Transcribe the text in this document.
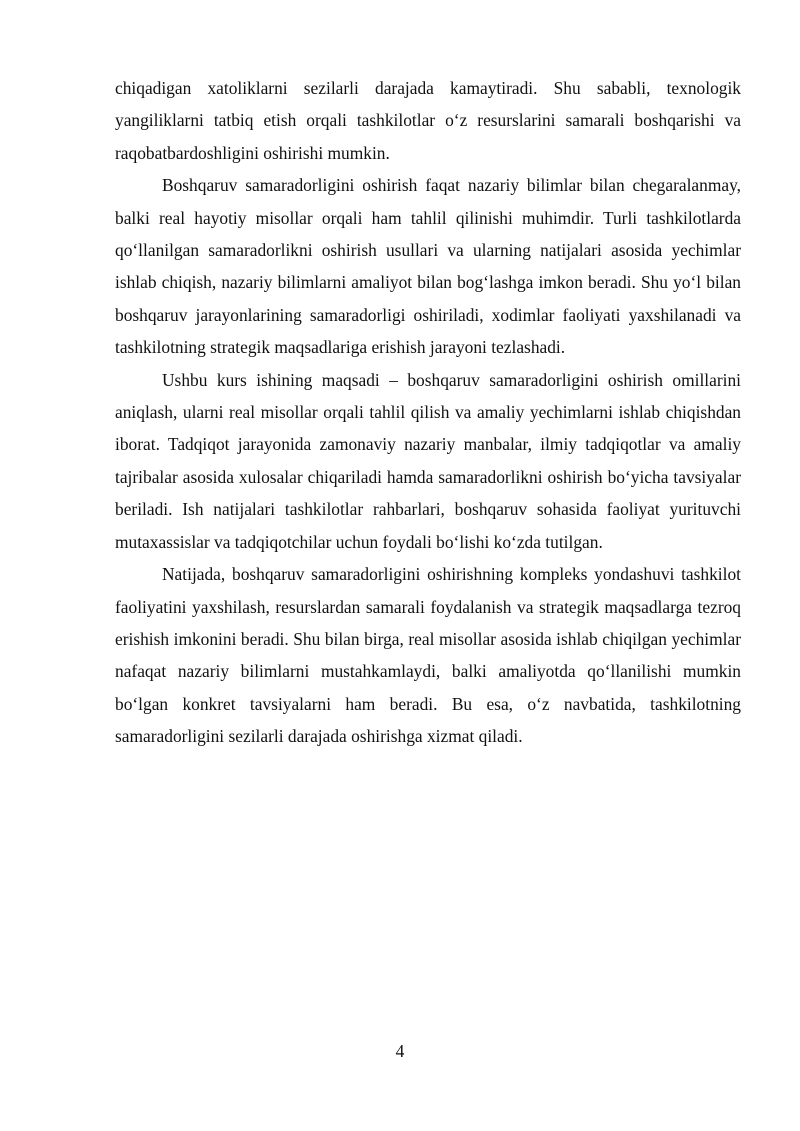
chiqadigan xatoliklarni sezilarli darajada kamaytiradi. Shu sababli, texnologik yangiliklarni tatbiq etish orqali tashkilotlar o‘z resurslarini samarali boshqarishi va raqobatbardoshligini oshirishi mumkin.

Boshqaruv samaradorligini oshirish faqat nazariy bilimlar bilan chegaralanmay, balki real hayotiy misollar orqali ham tahlil qilinishi muhimdir. Turli tashkilotlarda qo‘llanilgan samaradorlikni oshirish usullari va ularning natijalari asosida yechimlar ishlab chiqish, nazariy bilimlarni amaliyot bilan bog‘lashga imkon beradi. Shu yo‘l bilan boshqaruv jarayonlarining samaradorligi oshiriladi, xodimlar faoliyati yaxshilanadi va tashkilotning strategik maqsadlariga erishish jarayoni tezlashadi.

Ushbu kurs ishining maqsadi – boshqaruv samaradorligini oshirish omillarini aniqlash, ularni real misollar orqali tahlil qilish va amaliy yechimlarni ishlab chiqishdan iborat. Tadqiqot jarayonida zamonaviy nazariy manbalar, ilmiy tadqiqotlar va amaliy tajribalar asosida xulosalar chiqariladi hamda samaradorlikni oshirish bo‘yicha tavsiyalar beriladi. Ish natijalari tashkilotlar rahbarlari, boshqaruv sohasida faoliyat yurituvchi mutaxassislar va tadqiqotchilar uchun foydali bo‘lishi ko‘zda tutilgan.

Natijada, boshqaruv samaradorligini oshirishning kompleks yondashuvi tashkilot faoliyatini yaxshilash, resurslardan samarali foydalanish va strategik maqsadlarga tezroq erishish imkonini beradi. Shu bilan birga, real misollar asosida ishlab chiqilgan yechimlar nafaqat nazariy bilimlarni mustahkamlaydi, balki amaliyotda qo‘llanilishi mumkin bo‘lgan konkret tavsiyalarni ham beradi. Bu esa, o‘z navbatida, tashkilotning samaradorligini sezilarli darajada oshirishga xizmat qiladi.

4
